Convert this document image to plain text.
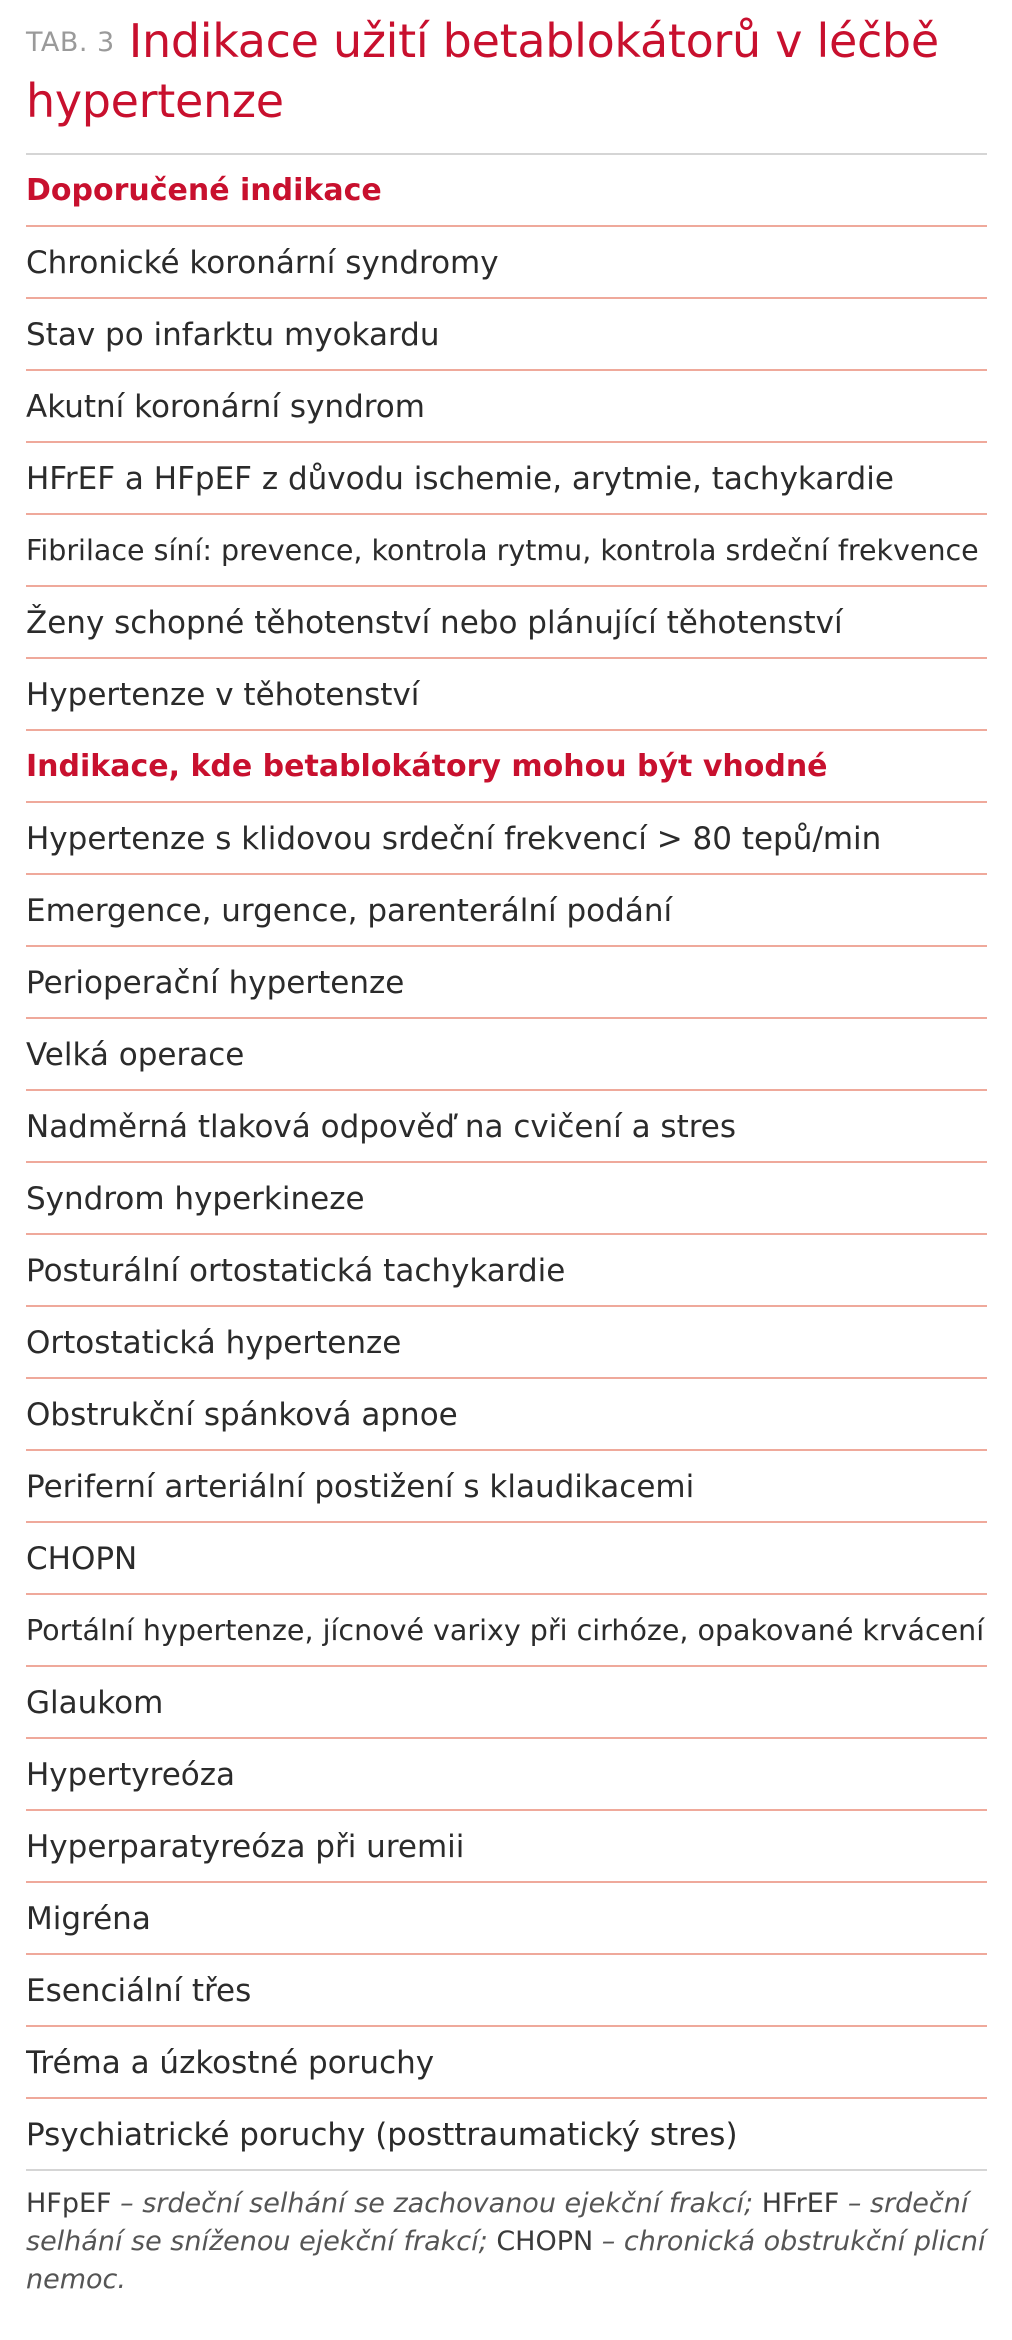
TAB. 3 Indikace užití betablokátorů v léčbě

hypertenze

Doporučené indikace
Chronické koronární syndromy
Stav po infarktu myokardu
Akutní koronární syndrom
HFrEF a HFpEF z důvodu ischemie, arytmie, tachykardie
Fibrilace síní: prevence, kontrola rytmu, kontrola srdeční frekvence
Ženy schopné těhotenství nebo plánující těhotenství
Hypertenze v těhotenství
Indikace, kde betablokátory mohou být vhodné
Hypertenze s klidovou srdeční frekvencí > 80 tepů/min
Emergence, urgence, parenterální podání
Perioperační hypertenze
Velká operace
Nadměrná tlaková odpověď na cvičení a stres
Syndrom hyperkineze
Posturální ortostatická tachykardie
Ortostatická hypertenze
Obstrukční spánková apnoe
Periferní arteriální postižení s klaudikacemi
CHOPN
Portální hypertenze, jícnové varixy při cirhóze, opakované krvácení
Glaukom
Hypertyreóza
Hyperparatyreóza při uremii
Migréna
Esenciální třes
Tréma a úzkostné poruchy
Psychiatrické poruchy (posttraumatický stres)

HFpEF – srdeční selhání se zachovanou ejekční frakcí; HFrEF – srdeční selhání se sníženou ejekční frakcí; CHOPN – chronická obstrukční plicní nemoc.
